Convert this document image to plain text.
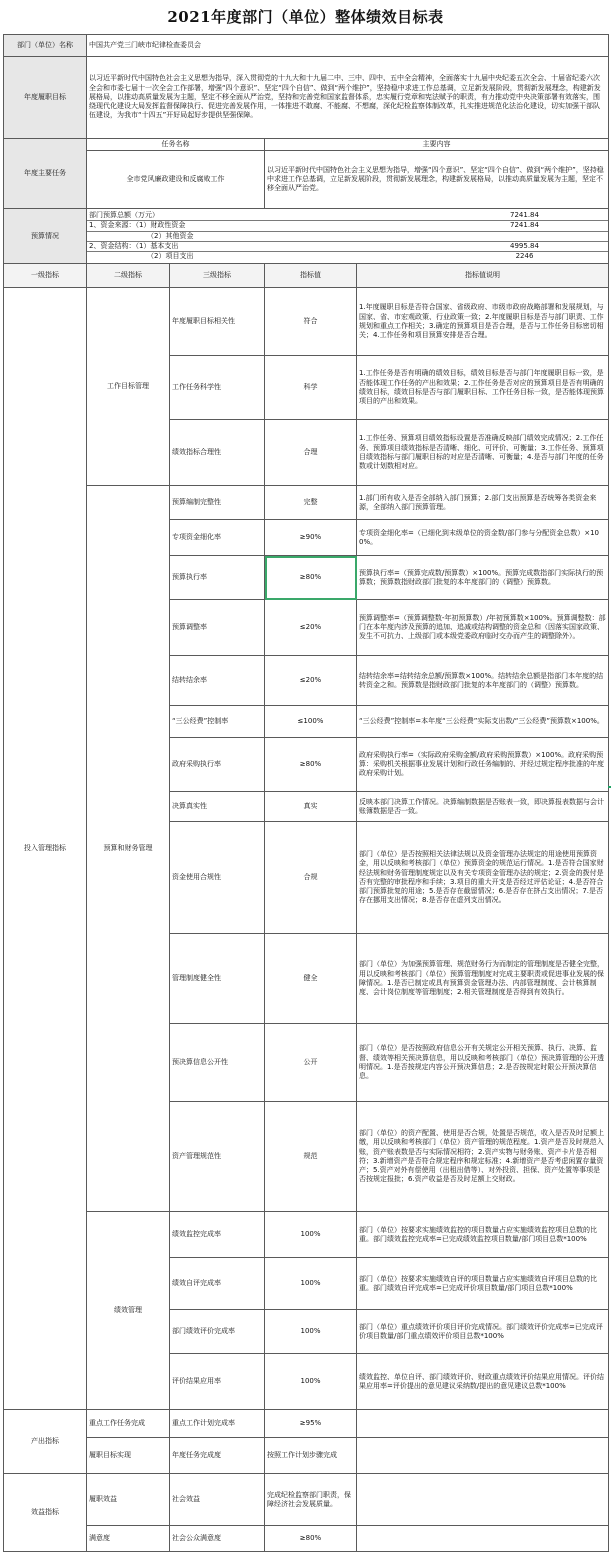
2021年度部门（单位）整体绩效目标表
部门（单位）名称	中国共产党三门峡市纪律检查委员会
年度履职目标	以习近平新时代中国特色社会主义思想为指导，深入贯彻党的十九大和十九届二中、三中、四中、五中全会精神，全面落实十九届中央纪委五次全会、十届省纪委六次全会和市委七届十一次全会工作部署，增强“四个意识”、坚定“四个自信”、做到“两个维护”，坚持稳中求进工作总基调，立足新发展阶段，贯彻新发展理念，构建新发展格局，以推动高质量发展为主题，坚定不移全面从严治党，坚持和完善党和国家监督体系，忠实履行党章和宪法赋予的职责，有力推动党中央决策部署有效落实，围绕现代化建设大局发挥监督保障执行、促进完善发展作用，一体推进不敢腐、不能腐、不想腐，深化纪检监察体制改革，扎实推进规范化法治化建设，切实加强干部队伍建设，为我市“十四五”开好局起好步提供坚强保障。
年度主要任务	任务名称	主要内容
全市党风廉政建设和反腐败工作	以习近平新时代中国特色社会主义思想为指导，增强“四个意识”、坚定“四个自信”、做到“两个维护”，坚持稳中求进工作总基调，立足新发展阶段，贯彻新发展理念，构建新发展格局，以推动高质量发展为主题，坚定不移全面从严治党。
预算情况	
部门预算总额（万元）	7241.84
1、资金来源：（1）财政性资金	7241.84
（2）其他资金	
2、资金结构：（1）基本支出	4995.84
（2）项目支出	2246

一级指标	二级指标	三级指标	指标值	指标值说明
投入管理指标	工作目标管理	年度履职目标相关性	符合	1.年度履职目标是否符合国家、省级政府、市级市政府战略部署和发展规划，与国家、省、市宏观政策、行业政策一致；2.年度履职目标是否与部门职责、工作规划和重点工作相关；3.确定的预算项目是否合理，是否与工作任务目标密切相关；4.工作任务和项目预算安排是否合理。
工作任务科学性	科学	1.工作任务是否有明确的绩效目标，绩效目标是否与部门年度履职目标一致，是否能体现工作任务的产出和效果；2.工作任务是否对应的预算项目是否有明确的绩效目标，绩效目标是否与部门履职目标、工作任务目标一致，是否能体现预算项目的产出和效果。
绩效指标合理性	合理	1.工作任务、预算项目绩效指标设置是否准确反映部门绩效完成情况；2.工作任务、预算项目绩效指标是否清晰、细化、可评价、可衡量；3.工作任务、预算项目绩效指标与部门履职目标的对应是否清晰、可衡量；4.是否与部门年度的任务数或计划数相对应。
预算和财务管理	预算编制完整性	完整	1.部门所有收入是否全部纳入部门预算；2.部门支出预算是否统筹各类资金来源，全部纳入部门预算管理。
专项资金细化率	≥90%	专项资金细化率=（已细化到末级单位的资金数/部门参与分配资金总数）×100%。
预算执行率	≥80%	预算执行率=（预算完成数/预算数）×100%。预算完成数指部门实际执行的预算数；预算数指财政部门批复的本年度部门的（调整）预算数。
预算调整率	≤20%	预算调整率=（预算调整数-年初预算数）/年初预算数×100%。预算调整数：部门在本年度内涉及预算的追加、追减或结构调整的资金总和（因落实国家政策、发生不可抗力、上级部门或本级党委政府临时交办而产生的调整除外）。
结转结余率	≤20%	结转结余率=结转结余总额/预算数×100%。结转结余总额是指部门本年度的结转资金之和。预算数是指财政部门批复的本年度部门的（调整）预算数。
“三公经费”控制率	≤100%	“三公经费”控制率=本年度“三公经费”实际支出数/“三公经费”预算数×100%。
政府采购执行率	≥80%	政府采购执行率=（实际政府采购金额/政府采购预算数）×100%。政府采购预算：采购机关根据事业发展计划和行政任务编制的、并经过规定程序批准的年度政府采购计划。
决算真实性	真实	反映本部门决算工作情况。决算编制数据是否账表一致，即决算报表数据与会计账簿数据是否一致。
资金使用合规性	合规	部门（单位）是否按照相关法律法规以及资金管理办法规定的用途使用预算资金，用以反映和考核部门（单位）预算资金的规范运行情况。1.是否符合国家财经法规和财务管理制度规定以及有关专项资金管理办法的规定；2.资金的拨付是否有完整的审批程序和手续；3.项目的重大开支是否经过评估论证；4.是否符合部门预算批复的用途；5.是否存在截留情况；6.是否存在挤占支出情况；7.是否存在挪用支出情况；8.是否存在虚列支出情况。
管理制度健全性	健全	部门（单位）为加强预算管理、规范财务行为而制定的管理制度是否健全完整，用以反映和考核部门（单位）预算管理制度对完成主要职责或促进事业发展的保障情况。1.是否已制定或具有预算资金管理办法、内部管理制度、会计核算制度、会计岗位制度等管理制度；2.相关管理制度是否得到有效执行。
预决算信息公开性	公开	部门（单位）是否按照政府信息公开有关规定公开相关预算、执行、决算、监督、绩效等相关预决算信息，用以反映和考核部门（单位）预决算管理的公开透明情况。1.是否按规定内容公开预决算信息；2.是否按规定时限公开预决算信息。
资产管理规范性	规范	部门（单位）的资产配置、使用是否合规，处置是否规范，收入是否及时足额上缴，用以反映和考核部门（单位）资产管理的规范程度。1.资产是否及时规范入账，资产账表数是否与实际情况相符；2.资产实物与财务账、资产卡片是否相符；3.新增资产是否符合规定程序和规定标准；4.新增资产是否考虑闲置存量资产；5.资产对外有偿使用（出租出借等）、对外投资、担保、资产处置等事项是否按规定报批；6.资产收益是否及时足额上交财政。
绩效管理	绩效监控完成率	100%	部门（单位）按要求实施绩效监控的项目数量占应实施绩效监控项目总数的比重。部门绩效监控完成率=已完成绩效监控项目数量/部门项目总数*100%
绩效自评完成率	100%	部门（单位）按要求实施绩效自评的项目数量占应实施绩效自评项目总数的比重。部门绩效自评完成率=已完成评价项目数量/部门项目总数*100%
部门绩效评价完成率	100%	部门（单位）重点绩效评价项目评价完成情况。部门绩效评价完成率=已完成评价项目数量/部门重点绩效评价项目总数*100%
评价结果应用率	100%	绩效监控、单位自评、部门绩效评价、财政重点绩效评价结果应用情况。评价结果应用率=评价提出的意见建议采纳数/提出的意见建议总数*100%
产出指标	重点工作任务完成	重点工作计划完成率	≥95%	
履职目标实现	年度任务完成度	按照工作计划步骤完成	
效益指标	履职效益	社会效益	完成纪检监察部门职责，保障经济社会发展质量。	
满意度	社会公众满意度	≥80%	
